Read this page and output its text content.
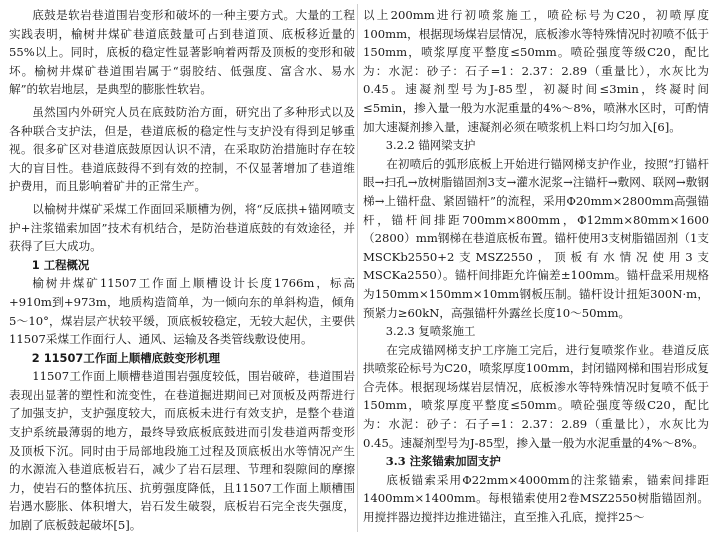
底鼓是软岩巷道围岩变形和破坏的一种主要方式。大量的工程实践表明，榆树井煤矿巷道底鼓量可占到巷道顶、底板移近量的55%以上。同时，底板的稳定性显著影响着两帮及顶板的变形和破坏。榆树井煤矿巷道围岩属于“弱胶结、低强度、富含水、易水解”的软岩地层，是典型的膨胀性软岩。

虽然国内外研究人员在底鼓防治方面，研究出了多种形式以及各种联合支护法，但是，巷道底板的稳定性与支护没有得到足够重视。很多矿区对巷道底鼓原因认识不清，在采取防治措施时存在较大的盲目性。巷道底鼓得不到有效的控制，不仅显著增加了巷道维护费用，而且影响着矿井的正常生产。

以榆树井煤矿采煤工作面回采顺槽为例，将“反底拱+锚网喷支护+注浆锚索加固”技术有机结合，是防治巷道底鼓的有效途径，并获得了巨大成功。

1 工程概况

榆树井煤矿11507工作面上顺槽设计长度1766m，标高+910m到+973m，地质构造简单，为一倾向东的单斜构造，倾角5～10°，煤岩层产状较平缓，顶底板较稳定，无较大起伏，主要供11507采煤工作面行人、通风、运输及各类管线敷设使用。

2 11507工作面上顺槽底鼓变形机理

11507工作面上顺槽巷道围岩强度较低，围岩破碎，巷道围岩表现出显著的塑性和流变性，在巷道掘进期间已对顶板及两帮进行了加强支护，支护强度较大，而底板未进行有效支护，是整个巷道支护系统最薄弱的地方，最终导致底板底鼓进而引发巷道两帮变形及顶板下沉。同时由于局部地段施工过程及顶底板出水等情况产生的水源流入巷道底板岩石，减少了岩石层理、节理和裂隙间的摩擦力，使岩石的整体抗压、抗剪强度降低，且11507工作面上顺槽围岩遇水膨胀、体积增大，岩石发生破裂，底板岩石完全丧失强度，加剧了底板鼓起破坏[5]。

以上200mm进行初喷浆施工，喷砼标号为C20，初喷厚度100mm，根据现场煤岩层情况，底板渗水等特殊情况时初喷不低于150mm，喷浆厚度平整度≤50mm。喷砼强度等级C20，配比为：水泥：砂子：石子=1：2.37：2.89（重量比），水灰比为0.45。速凝剂型号为J-85型，初凝时间≤3min，终凝时间≤5min，掺入量一般为水泥重量的4%～8%，喷淋水区时，可酌情加大速凝剂掺入量，速凝剂必须在喷浆机上料口均匀加入[6]。

3.2.2 锚网梁支护

在初喷后的弧形底板上开始进行锚网梯支护作业，按照“打锚杆眼→扫孔→放树脂锚固剂3支→灌水泥浆→注锚杆→敷网、联网→敷钢梯→上锚杆盘、紧固锚杆”的流程，采用Φ20mm×2800mm高强锚杆，锚杆间排距700mm×800mm，Φ12mm×80mm×1600（2800）mm钢梯在巷道底板布置。锚杆使用3支树脂锚固剂（1支MSCKb2550+2支MSZ2550，顶板有水情况使用3支MSCKa2550）。锚杆间排距允许偏差±100mm。锚杆盘采用规格为150mm×150mm×10mm钢板压制。锚杆设计扭矩300N·m，预紧力≥60kN，高强锚杆外露丝长度10～50mm。

3.2.3 复喷浆施工

在完成锚网梯支护工序施工完后，进行复喷浆作业。巷道反底拱喷浆砼标号为C20，喷浆厚度100mm，封闭锚网梯和围岩形成复合壳体。根据现场煤岩层情况，底板渗水等特殊情况时复喷不低于150mm，喷浆厚度平整度≤50mm。喷砼强度等级C20，配比为：水泥：砂子：石子=1：2.37：2.89（重量比），水灰比为0.45。速凝剂型号为J-85型，掺入量一般为水泥重量的4%～8%。

3.3 注浆锚索加固支护

底板锚索采用Φ22mm×4000mm的注浆锚索，锚索间排距1400mm×1400mm。每根锚索使用2卷MSZ2550树脂锚固剂。用搅拌器边搅拌边推进锚注，直至推入孔底，搅拌25～
